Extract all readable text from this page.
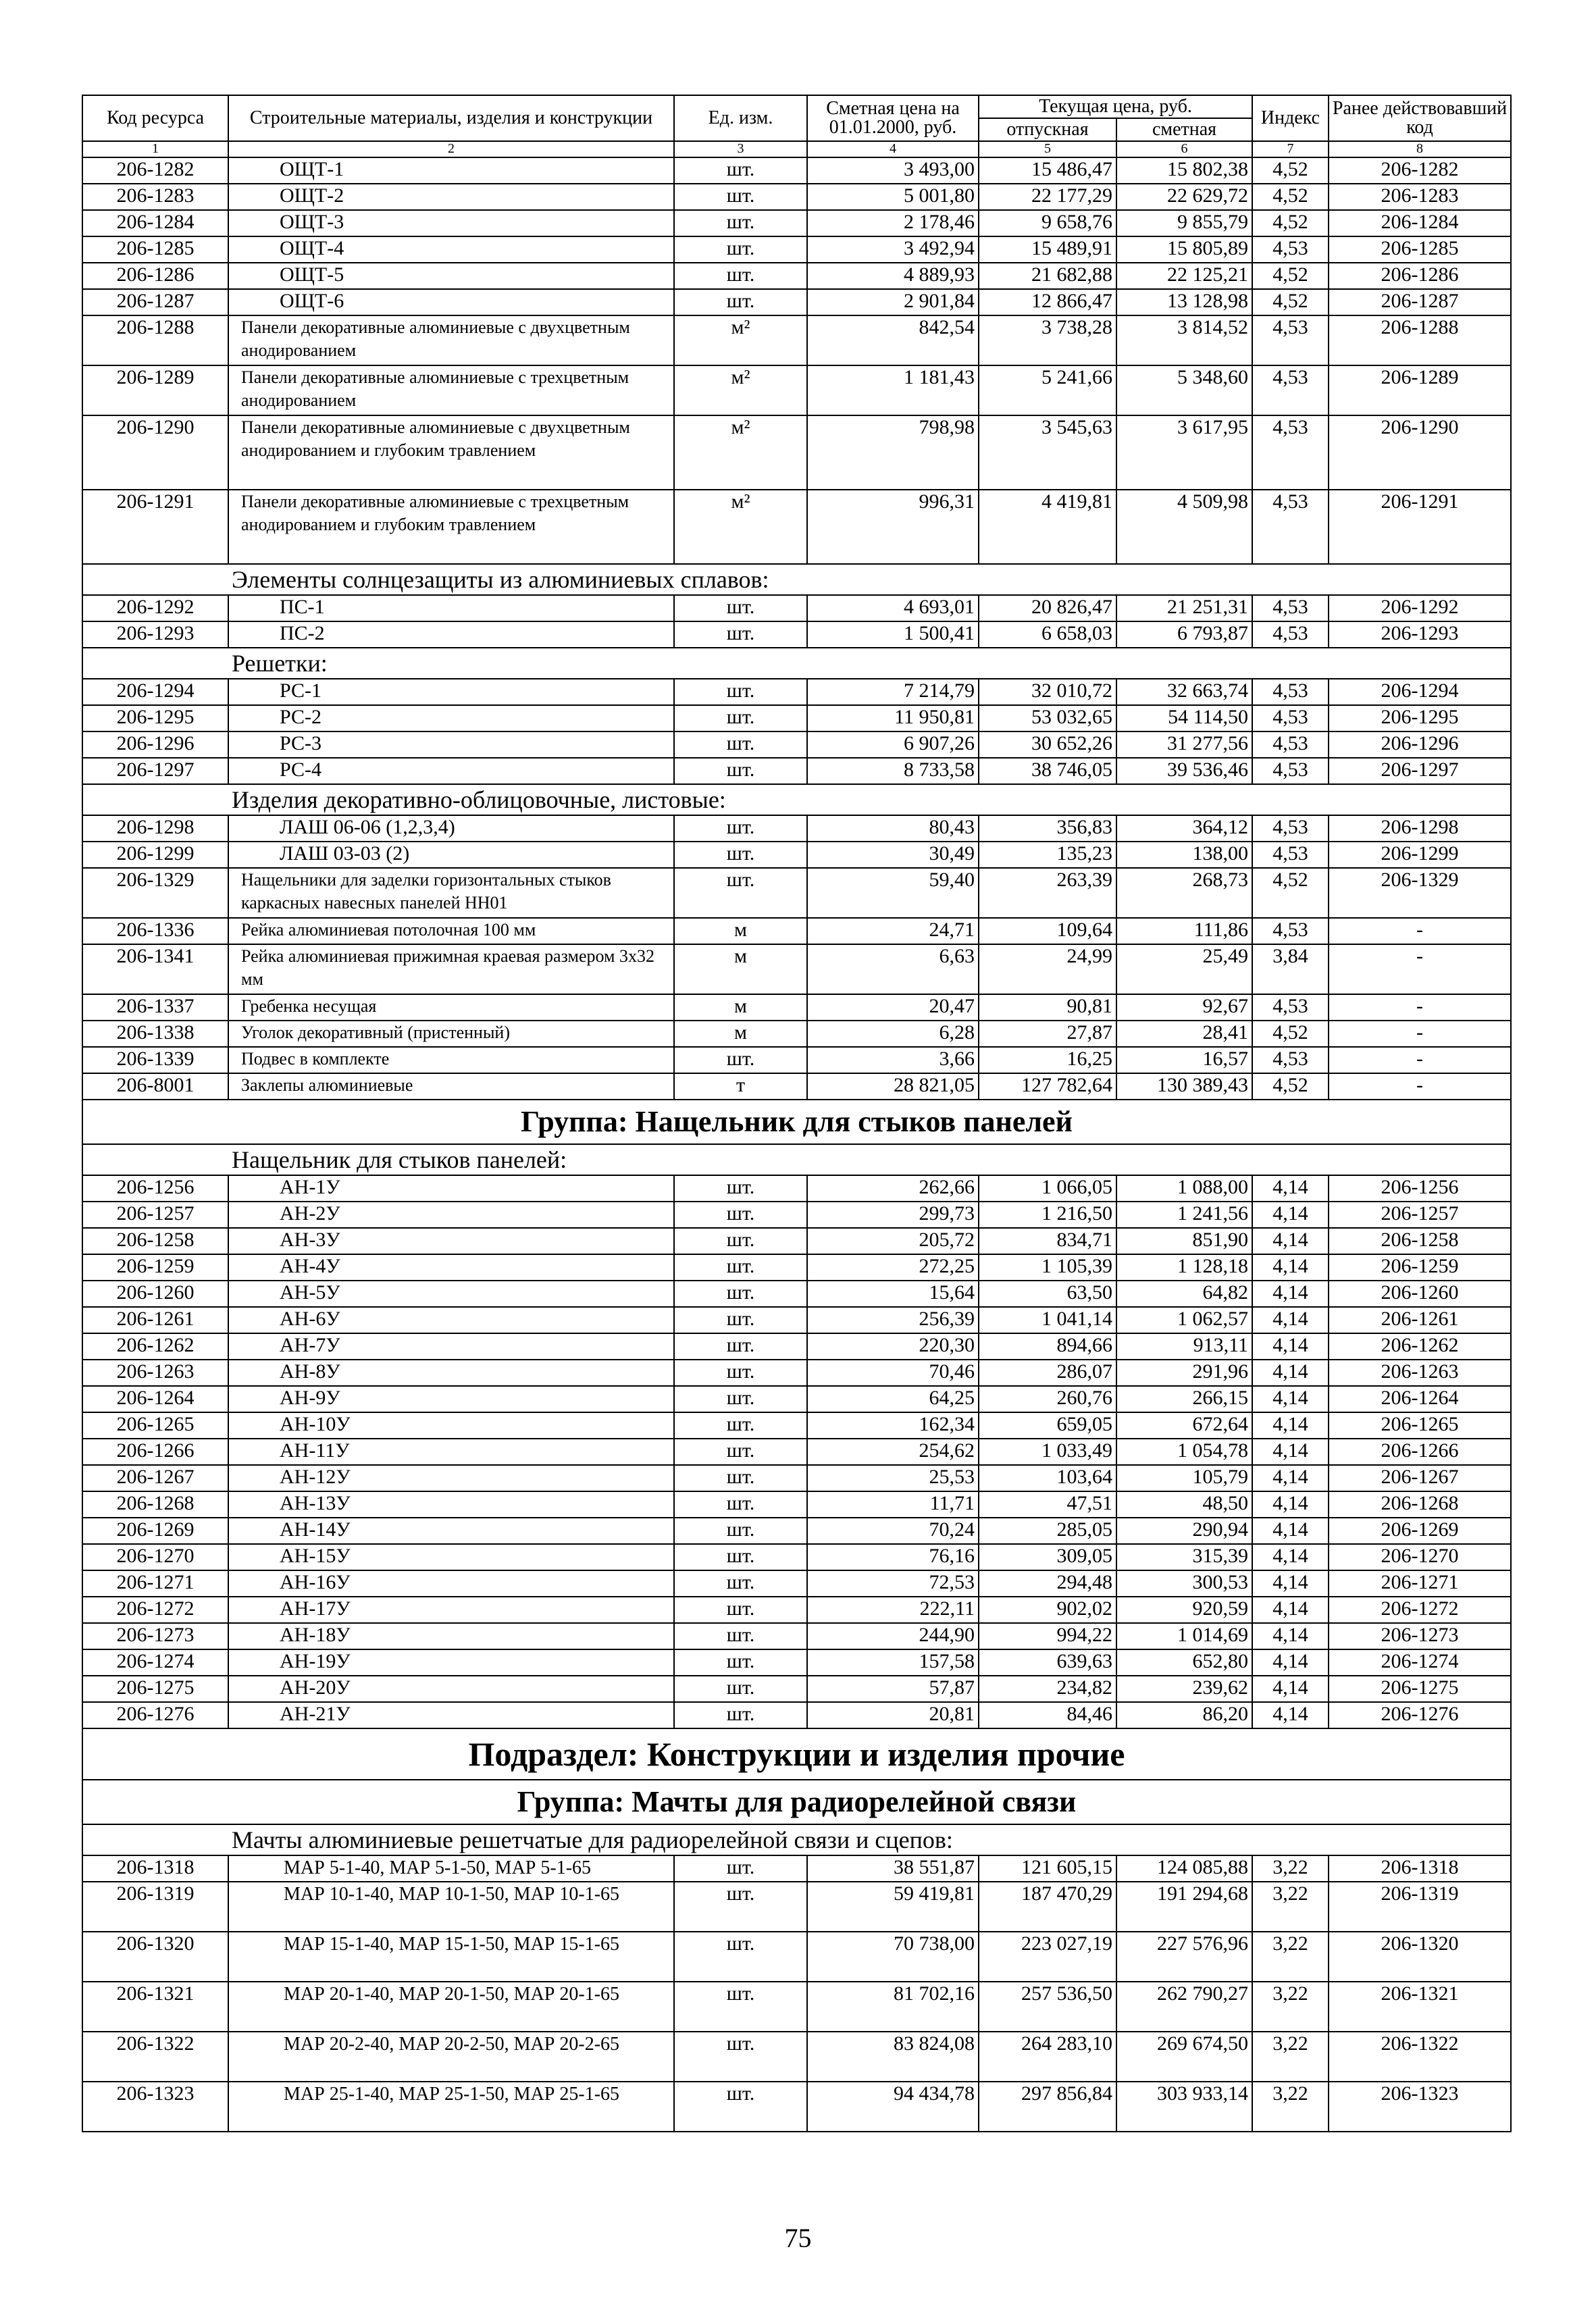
Код ресурса	Строительные материалы, изделия и конструкции	Ед. изм.	Сметная цена на 01.01.2000, руб.	Текущая цена, руб.		Индекс	Ранее действовавший код
				отпускная	сметная		
1	2	3	4	5	6	7	8
206-1282	ОЩТ-1	шт.	3 493,00	15 486,47	15 802,38	4,52	206-1282
206-1283	ОЩТ-2	шт.	5 001,80	22 177,29	22 629,72	4,52	206-1283
206-1284	ОЩТ-3	шт.	2 178,46	9 658,76	9 855,79	4,52	206-1284
206-1285	ОЩТ-4	шт.	3 492,94	15 489,91	15 805,89	4,53	206-1285
206-1286	ОЩТ-5	шт.	4 889,93	21 682,88	22 125,21	4,52	206-1286
206-1287	ОЩТ-6	шт.	2 901,84	12 866,47	13 128,98	4,52	206-1287
206-1288	Панели декоративные алюминиевые с двухцветным анодированием	м²	842,54	3 738,28	3 814,52	4,53	206-1288
206-1289	Панели декоративные алюминиевые с трехцветным анодированием	м²	1 181,43	5 241,66	5 348,60	4,53	206-1289
206-1290	Панели декоративные алюминиевые с двухцветным анодированием и глубоким травлением	м²	798,98	3 545,63	3 617,95	4,53	206-1290
206-1291	Панели декоративные алюминиевые с трехцветным анодированием и глубоким травлением	м²	996,31	4 419,81	4 509,98	4,53	206-1291
Элементы солнцезащиты из алюминиевых сплавов:							
206-1292	ПС-1	шт.	4 693,01	20 826,47	21 251,31	4,53	206-1292
206-1293	ПС-2	шт.	1 500,41	6 658,03	6 793,87	4,53	206-1293
Решетки:							
206-1294	РС-1	шт.	7 214,79	32 010,72	32 663,74	4,53	206-1294
206-1295	РС-2	шт.	11 950,81	53 032,65	54 114,50	4,53	206-1295
206-1296	РС-3	шт.	6 907,26	30 652,26	31 277,56	4,53	206-1296
206-1297	РС-4	шт.	8 733,58	38 746,05	39 536,46	4,53	206-1297
Изделия декоративно-облицовочные, листовые:							
206-1298	ЛАШ 06-06 (1,2,3,4)	шт.	80,43	356,83	364,12	4,53	206-1298
206-1299	ЛАШ 03-03 (2)	шт.	30,49	135,23	138,00	4,53	206-1299
206-1329	Нащельники для заделки горизонтальных стыков каркасных навесных панелей НН01	шт.	59,40	263,39	268,73	4,52	206-1329
206-1336	Рейка алюминиевая потолочная 100 мм	м	24,71	109,64	111,86	4,53	-
206-1341	Рейка алюминиевая прижимная краевая размером 3х32 мм	м	6,63	24,99	25,49	3,84	-
206-1337	Гребенка несущая	м	20,47	90,81	92,67	4,53	-
206-1338	Уголок декоративный (пристенный)	м	6,28	27,87	28,41	4,52	-
206-1339	Подвес в комплекте	шт.	3,66	16,25	16,57	4,53	-
206-8001	Заклепы алюминиевые	т	28 821,05	127 782,64	130 389,43	4,52	-
Группа: Нащельник для стыков панелей							
Нащельник для стыков панелей:							
206-1256	АН-1У	шт.	262,66	1 066,05	1 088,00	4,14	206-1256
206-1257	АН-2У	шт.	299,73	1 216,50	1 241,56	4,14	206-1257
206-1258	АН-3У	шт.	205,72	834,71	851,90	4,14	206-1258
206-1259	АН-4У	шт.	272,25	1 105,39	1 128,18	4,14	206-1259
206-1260	АН-5У	шт.	15,64	63,50	64,82	4,14	206-1260
206-1261	АН-6У	шт.	256,39	1 041,14	1 062,57	4,14	206-1261
206-1262	АН-7У	шт.	220,30	894,66	913,11	4,14	206-1262
206-1263	АН-8У	шт.	70,46	286,07	291,96	4,14	206-1263
206-1264	АН-9У	шт.	64,25	260,76	266,15	4,14	206-1264
206-1265	АН-10У	шт.	162,34	659,05	672,64	4,14	206-1265
206-1266	АН-11У	шт.	254,62	1 033,49	1 054,78	4,14	206-1266
206-1267	АН-12У	шт.	25,53	103,64	105,79	4,14	206-1267
206-1268	АН-13У	шт.	11,71	47,51	48,50	4,14	206-1268
206-1269	АН-14У	шт.	70,24	285,05	290,94	4,14	206-1269
206-1270	АН-15У	шт.	76,16	309,05	315,39	4,14	206-1270
206-1271	АН-16У	шт.	72,53	294,48	300,53	4,14	206-1271
206-1272	АН-17У	шт.	222,11	902,02	920,59	4,14	206-1272
206-1273	АН-18У	шт.	244,90	994,22	1 014,69	4,14	206-1273
206-1274	АН-19У	шт.	157,58	639,63	652,80	4,14	206-1274
206-1275	АН-20У	шт.	57,87	234,82	239,62	4,14	206-1275
206-1276	АН-21У	шт.	20,81	84,46	86,20	4,14	206-1276
Подраздел: Конструкции и изделия прочие							
Группа: Мачты для радиорелейной связи							
Мачты алюминиевые решетчатые для радиорелейной связи и сцепов:							
206-1318	МАР 5-1-40, МАР 5-1-50, МАР 5-1-65	шт.	38 551,87	121 605,15	124 085,88	3,22	206-1318
206-1319	МАР 10-1-40, МАР 10-1-50, МАР 10-1-65	шт.	59 419,81	187 470,29	191 294,68	3,22	206-1319
206-1320	МАР 15-1-40, МАР 15-1-50, МАР 15-1-65	шт.	70 738,00	223 027,19	227 576,96	3,22	206-1320
206-1321	МАР 20-1-40, МАР 20-1-50, МАР 20-1-65	шт.	81 702,16	257 536,50	262 790,27	3,22	206-1321
206-1322	МАР 20-2-40, МАР 20-2-50, МАР 20-2-65	шт.	83 824,08	264 283,10	269 674,50	3,22	206-1322
206-1323	МАР 25-1-40, МАР 25-1-50, МАР 25-1-65	шт.	94 434,78	297 856,84	303 933,14	3,22	206-1323
75
